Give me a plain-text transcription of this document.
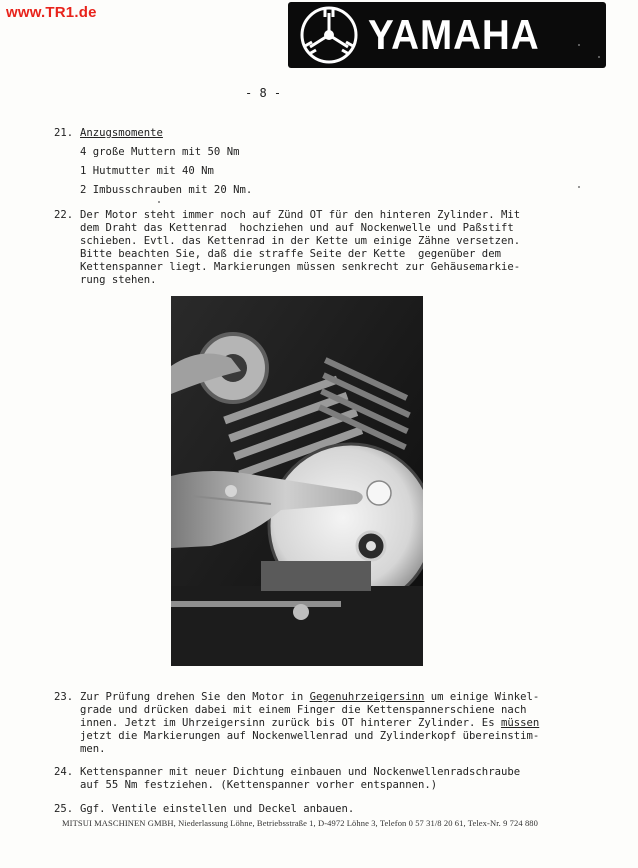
www.TR1.de	YAMAHA
- 8 -
21. Anzugsmomente
4 große Muttern mit 50 Nm
1 Hutmutter mit 40 Nm
2 Imbusschrauben mit 20 Nm.
22. Der Motor steht immer noch auf Zünd OT für den hinteren Zylinder. Mit
dem Draht das Kettenrad  hochziehen und auf Nockenwelle und Paßstift
schieben. Evtl. das Kettenrad in der Kette um einige Zähne versetzen.
Bitte beachten Sie, daß die straffe Seite der Kette  gegenüber dem
Kettenspanner liegt. Markierungen müssen senkrecht zur Gehäusemarkie-
rung stehen.
23. Zur Prüfung drehen Sie den Motor in Gegenuhrzeigersinn um einige Winkel-
grade und drücken dabei mit einem Finger die Kettenspannerschiene nach
innen. Jetzt im Uhrzeigersinn zurück bis OT hinterer Zylinder. Es müssen
jetzt die Markierungen auf Nockenwellenrad und Zylinderkopf übereinstim-
men.
24. Kettenspanner mit neuer Dichtung einbauen und Nockenwellenradschraube
auf 55 Nm festziehen. (Kettenspanner vorher entspannen.)
25. Ggf. Ventile einstellen und Deckel anbauen.
MITSUI MASCHINEN GMBH, Niederlassung Löhne, Betriebsstraße 1, D-4972 Löhne 3, Telefon 0 57 31/8 20 61, Telex-Nr. 9 724 880
